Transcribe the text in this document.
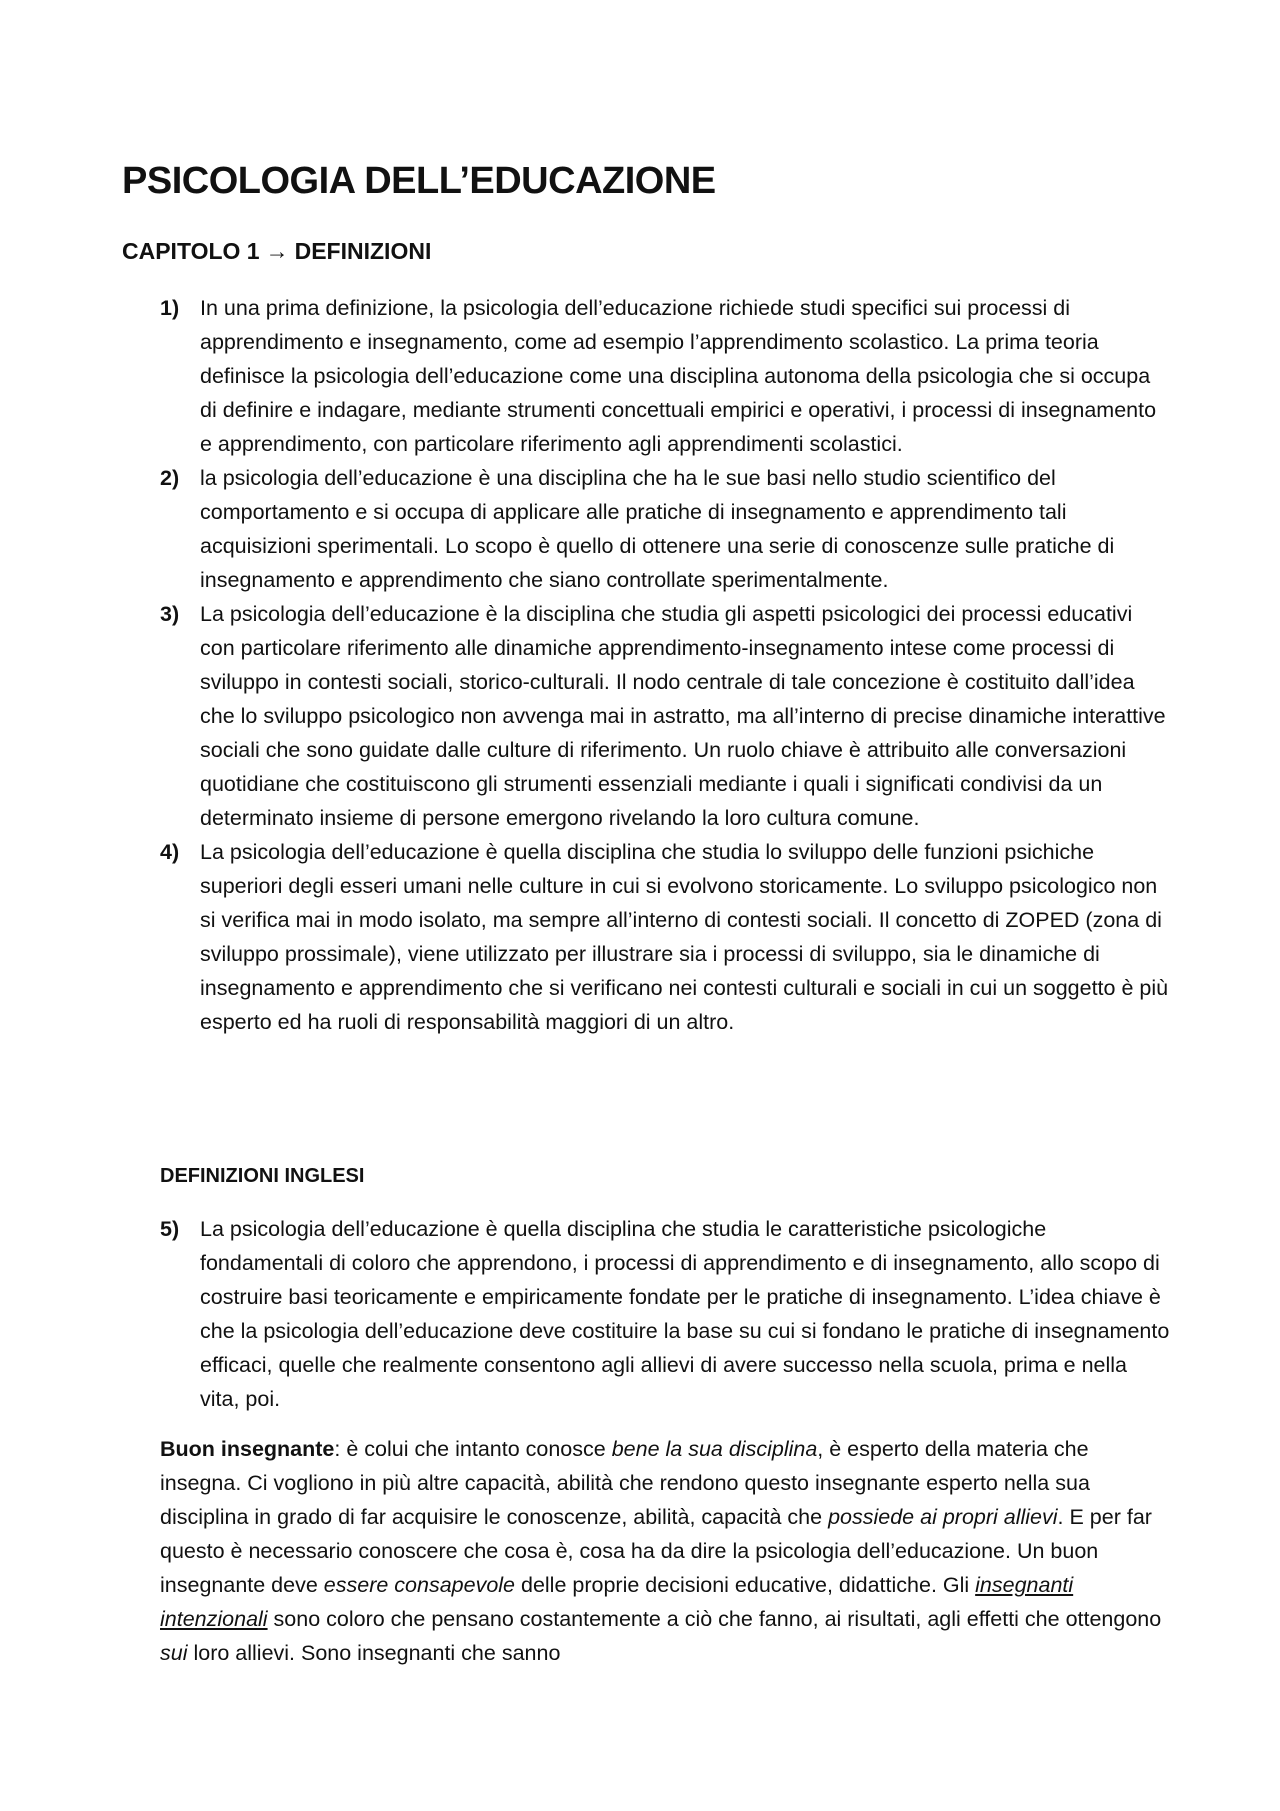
PSICOLOGIA DELL’EDUCAZIONE
CAPITOLO 1 → DEFINIZIONI
1) In una prima definizione, la psicologia dell’educazione richiede studi specifici sui processi di apprendimento e insegnamento, come ad esempio l’apprendimento scolastico. La prima teoria definisce la psicologia dell’educazione come una disciplina autonoma della psicologia che si occupa di definire e indagare, mediante strumenti concettuali empirici e operativi, i processi di insegnamento e apprendimento, con particolare riferimento agli apprendimenti scolastici.
2) la psicologia dell’educazione è una disciplina che ha le sue basi nello studio scientifico del comportamento e si occupa di applicare alle pratiche di insegnamento e apprendimento tali acquisizioni sperimentali. Lo scopo è quello di ottenere una serie di conoscenze sulle pratiche di insegnamento e apprendimento che siano controllate sperimentalmente.
3) La psicologia dell’educazione è la disciplina che studia gli aspetti psicologici dei processi educativi con particolare riferimento alle dinamiche apprendimento-insegnamento intese come processi di sviluppo in contesti sociali, storico-culturali. Il nodo centrale di tale concezione è costituito dall’idea che lo sviluppo psicologico non avvenga mai in astratto, ma all’interno di precise dinamiche interattive sociali che sono guidate dalle culture di riferimento. Un ruolo chiave è attribuito alle conversazioni quotidiane che costituiscono gli strumenti essenziali mediante i quali i significati condivisi da un determinato insieme di persone emergono rivelando la loro cultura comune.
4) La psicologia dell’educazione è quella disciplina che studia lo sviluppo delle funzioni psichiche superiori degli esseri umani nelle culture in cui si evolvono storicamente. Lo sviluppo psicologico non si verifica mai in modo isolato, ma sempre all’interno di contesti sociali. Il concetto di ZOPED (zona di sviluppo prossimale), viene utilizzato per illustrare sia i processi di sviluppo, sia le dinamiche di insegnamento e apprendimento che si verificano nei contesti culturali e sociali in cui un soggetto è più esperto ed ha ruoli di responsabilità maggiori di un altro.
DEFINIZIONI INGLESI
5) La psicologia dell’educazione è quella disciplina che studia le caratteristiche psicologiche fondamentali di coloro che apprendono, i processi di apprendimento e di insegnamento, allo scopo di costruire basi teoricamente e empiricamente fondate per le pratiche di insegnamento. L’idea chiave è che la psicologia dell’educazione deve costituire la base su cui si fondano le pratiche di insegnamento efficaci, quelle che realmente consentono agli allievi di avere successo nella scuola, prima e nella vita, poi.

Buon insegnante: è colui che intanto conosce bene la sua disciplina, è esperto della materia che insegna. Ci vogliono in più altre capacità, abilità che rendono questo insegnante esperto nella sua disciplina in grado di far acquisire le conoscenze, abilità, capacità che possiede ai propri allievi. E per far questo è necessario conoscere che cosa è, cosa ha da dire la psicologia dell’educazione. Un buon insegnante deve essere consapevole delle proprie decisioni educative, didattiche. Gli insegnanti intenzionali sono coloro che pensano costantemente a ciò che fanno, ai risultati, agli effetti che ottengono sui loro allievi. Sono insegnanti che sanno
